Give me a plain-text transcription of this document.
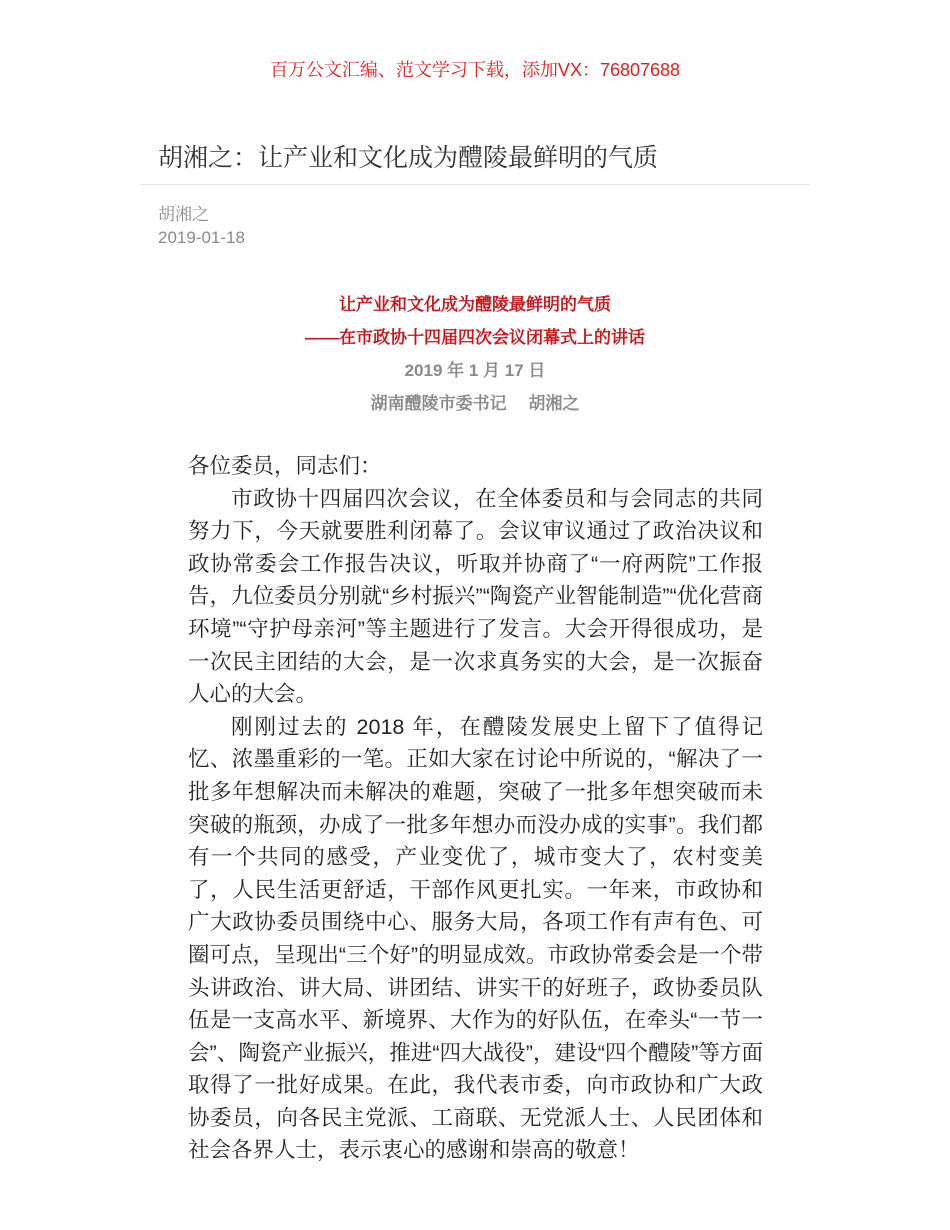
百万公文汇编、范文学习下载，添加VX：76807688
胡湘之：让产业和文化成为醴陵最鲜明的气质
胡湘之
2019-01-18
让产业和文化成为醴陵最鲜明的气质
——在市政协十四届四次会议闭幕式上的讲话
2019 年 1 月 17 日
湖南醴陵市委书记　 胡湘之

各位委员，同志们：

市政协十四届四次会议，在全体委员和与会同志的共同努力下，今天就要胜利闭幕了。会议审议通过了政治决议和政协常委会工作报告决议，听取并协商了“一府两院”工作报告，九位委员分别就“乡村振兴”“陶瓷产业智能制造”“优化营商环境”“守护母亲河”等主题进行了发言。大会开得很成功，是一次民主团结的大会，是一次求真务实的大会，是一次振奋人心的大会。

刚刚过去的 2018 年，在醴陵发展史上留下了值得记忆、浓墨重彩的一笔。正如大家在讨论中所说的，“解决了一批多年想解决而未解决的难题，突破了一批多年想突破而未突破的瓶颈，办成了一批多年想办而没办成的实事”。我们都有一个共同的感受，产业变优了，城市变大了，农村变美了，人民生活更舒适，干部作风更扎实。一年来，市政协和广大政协委员围绕中心、服务大局，各项工作有声有色、可圈可点，呈现出“三个好”的明显成效。市政协常委会是一个带头讲政治、讲大局、讲团结、讲实干的好班子，政协委员队伍是一支高水平、新境界、大作为的好队伍，在牵头“一节一会”、陶瓷产业振兴，推进“四大战役”，建设“四个醴陵”等方面取得了一批好成果。在此，我代表市委，向市政协和广大政协委员，向各民主党派、工商联、无党派人士、人民团体和社会各界人士，表示衷心的感谢和崇高的敬意！
